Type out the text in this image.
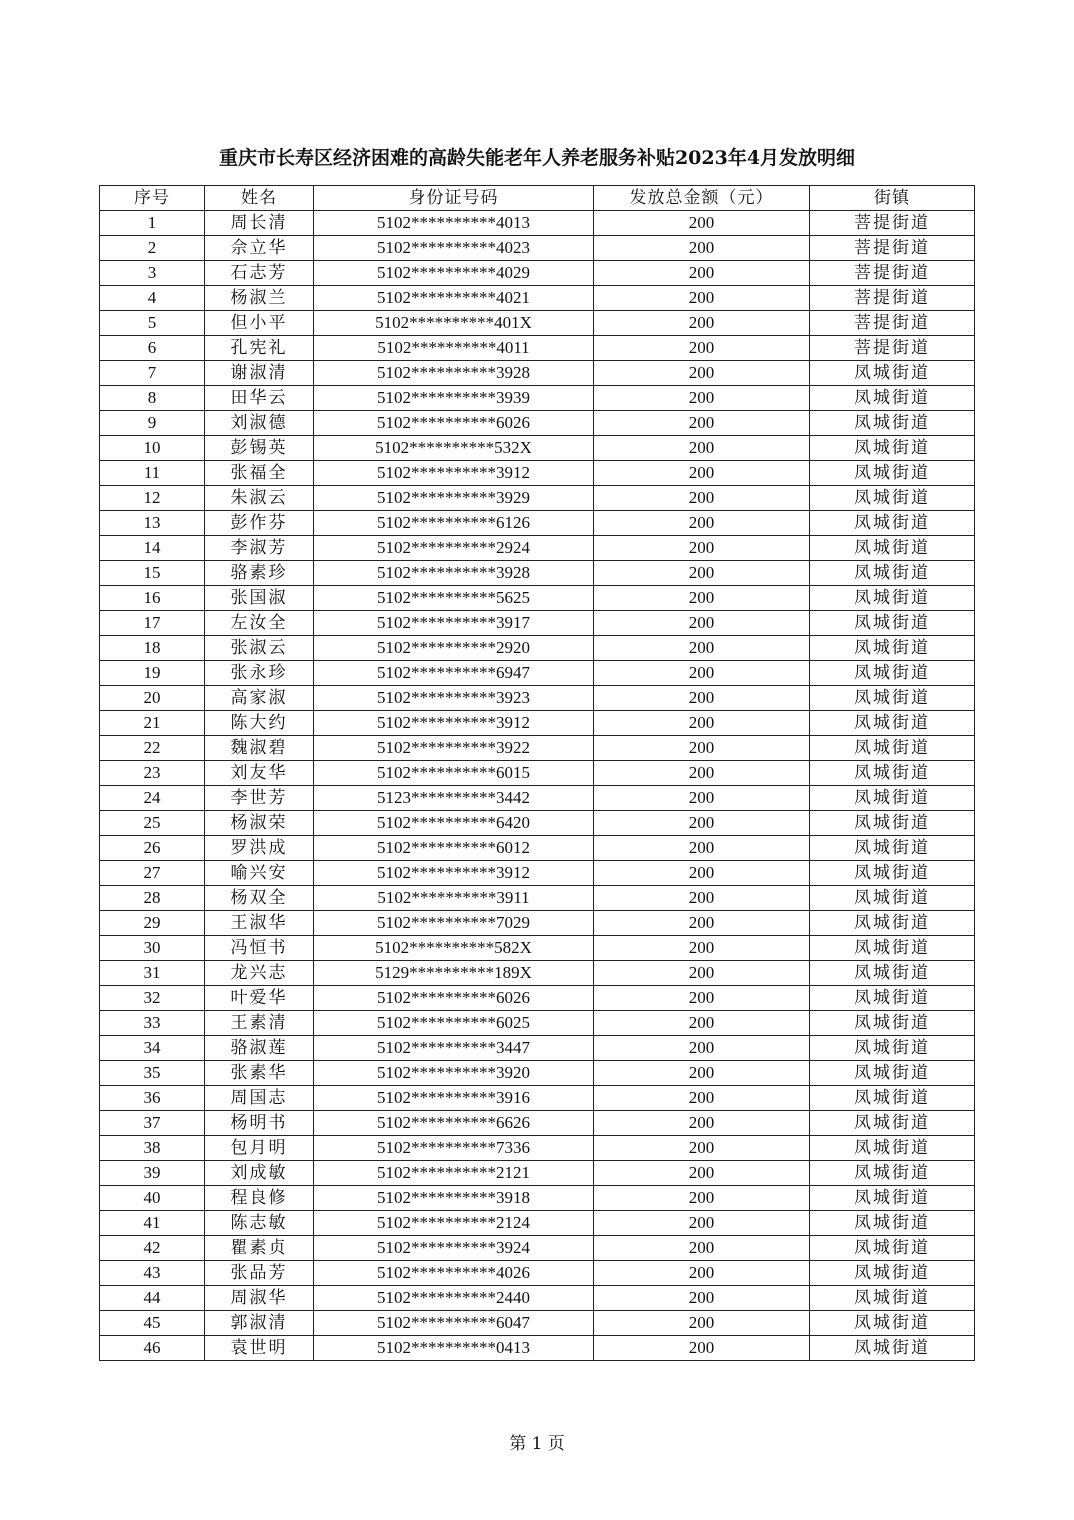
重庆市长寿区经济困难的高龄失能老年人养老服务补贴2023年4月发放明细
序号	姓名	身份证号码	发放总金额（元）	街镇
1	周长清	5102**********4013	200	菩提街道
2	佘立华	5102**********4023	200	菩提街道
3	石志芳	5102**********4029	200	菩提街道
4	杨淑兰	5102**********4021	200	菩提街道
5	但小平	5102**********401X	200	菩提街道
6	孔宪礼	5102**********4011	200	菩提街道
7	谢淑清	5102**********3928	200	凤城街道
8	田华云	5102**********3939	200	凤城街道
9	刘淑德	5102**********6026	200	凤城街道
10	彭锡英	5102**********532X	200	凤城街道
11	张福全	5102**********3912	200	凤城街道
12	朱淑云	5102**********3929	200	凤城街道
13	彭作芬	5102**********6126	200	凤城街道
14	李淑芳	5102**********2924	200	凤城街道
15	骆素珍	5102**********3928	200	凤城街道
16	张国淑	5102**********5625	200	凤城街道
17	左汝全	5102**********3917	200	凤城街道
18	张淑云	5102**********2920	200	凤城街道
19	张永珍	5102**********6947	200	凤城街道
20	高家淑	5102**********3923	200	凤城街道
21	陈大约	5102**********3912	200	凤城街道
22	魏淑碧	5102**********3922	200	凤城街道
23	刘友华	5102**********6015	200	凤城街道
24	李世芳	5123**********3442	200	凤城街道
25	杨淑荣	5102**********6420	200	凤城街道
26	罗洪成	5102**********6012	200	凤城街道
27	喻兴安	5102**********3912	200	凤城街道
28	杨双全	5102**********3911	200	凤城街道
29	王淑华	5102**********7029	200	凤城街道
30	冯恒书	5102**********582X	200	凤城街道
31	龙兴志	5129**********189X	200	凤城街道
32	叶爱华	5102**********6026	200	凤城街道
33	王素清	5102**********6025	200	凤城街道
34	骆淑莲	5102**********3447	200	凤城街道
35	张素华	5102**********3920	200	凤城街道
36	周国志	5102**********3916	200	凤城街道
37	杨明书	5102**********6626	200	凤城街道
38	包月明	5102**********7336	200	凤城街道
39	刘成敏	5102**********2121	200	凤城街道
40	程良修	5102**********3918	200	凤城街道
41	陈志敏	5102**********2124	200	凤城街道
42	瞿素贞	5102**********3924	200	凤城街道
43	张品芳	5102**********4026	200	凤城街道
44	周淑华	5102**********2440	200	凤城街道
45	郭淑清	5102**********6047	200	凤城街道
46	袁世明	5102**********0413	200	凤城街道
第 1 页
